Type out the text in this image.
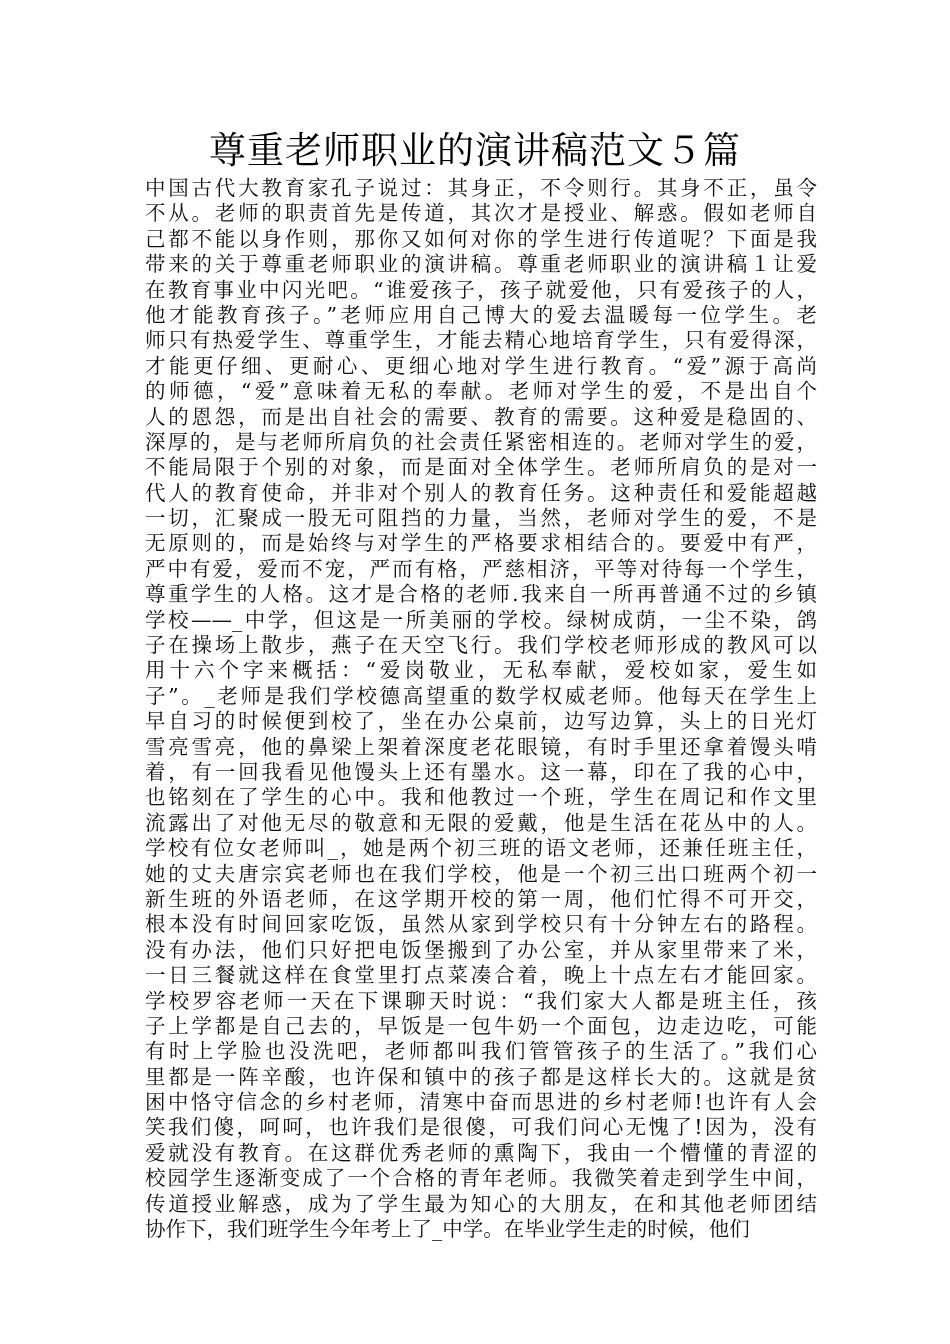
尊重老师职业的演讲稿范文５篇
中国古代大教育家孔子说过：其身正，不令则行。其身不正，虽令
不从。老师的职责首先是传道，其次才是授业、解惑。假如老师自
己都不能以身作则，那你又如何对你的学生进行传道呢？下面是我
带来的关于尊重老师职业的演讲稿。尊重老师职业的演讲稿１让爱
在教育事业中闪光吧。“谁爱孩子，孩子就爱他，只有爱孩子的人，
他才能教育孩子。”老师应用自己博大的爱去温暖每一位学生。老
师只有热爱学生、尊重学生，才能去精心地培育学生，只有爱得深，
才能更仔细、更耐心、更细心地对学生进行教育。“爱”源于高尚
的师德，“爱”意味着无私的奉献。老师对学生的爱，不是出自个
人的恩怨，而是出自社会的需要、教育的需要。这种爱是稳固的、
深厚的，是与老师所肩负的社会责任紧密相连的。老师对学生的爱，
不能局限于个别的对象，而是面对全体学生。老师所肩负的是对一
代人的教育使命，并非对个别人的教育任务。这种责任和爱能超越
一切，汇聚成一股无可阻挡的力量，当然，老师对学生的爱，不是
无原则的，而是始终与对学生的严格要求相结合的。要爱中有严，
严中有爱，爱而不宠，严而有格，严慈相济，平等对待每一个学生，
尊重学生的人格。这才是合格的老师.我来自一所再普通不过的乡镇
学校——_中学，但这是一所美丽的学校。绿树成荫，一尘不染，鸽
子在操场上散步，燕子在天空飞行。我们学校老师形成的教风可以
用十六个字来概括：“爱岗敬业，无私奉献，爱校如家，爱生如
子”。_老师是我们学校德高望重的数学权威老师。他每天在学生上
早自习的时候便到校了，坐在办公桌前，边写边算，头上的日光灯
雪亮雪亮，他的鼻梁上架着深度老花眼镜，有时手里还拿着馒头啃
着，有一回我看见他馒头上还有墨水。这一幕，印在了我的心中，
也铭刻在了学生的心中。我和他教过一个班，学生在周记和作文里
流露出了对他无尽的敬意和无限的爱戴，他是生活在花丛中的人。
学校有位女老师叫_，她是两个初三班的语文老师，还兼任班主任，
她的丈夫唐宗宾老师也在我们学校，他是一个初三出口班两个初一
新生班的外语老师，在这学期开校的第一周，他们忙得不可开交，
根本没有时间回家吃饭，虽然从家到学校只有十分钟左右的路程。
没有办法，他们只好把电饭堡搬到了办公室，并从家里带来了米，
一日三餐就这样在食堂里打点菜凑合着，晚上十点左右才能回家。
学校罗容老师一天在下课聊天时说：“我们家大人都是班主任，孩
子上学都是自己去的，早饭是一包牛奶一个面包，边走边吃，可能
有时上学脸也没洗吧，老师都叫我们管管孩子的生活了。”我们心
里都是一阵辛酸，也许保和镇中的孩子都是这样长大的。这就是贫
困中恪守信念的乡村老师，清寒中奋而思进的乡村老师!也许有人会
笑我们傻，呵呵，也许我们是很傻，可我们问心无愧了!因为，没有
爱就没有教育。在这群优秀老师的熏陶下，我由一个懵懂的青涩的
校园学生逐渐变成了一个合格的青年老师。我微笑着走到学生中间，
传道授业解惑，成为了学生最为知心的大朋友，在和其他老师团结
协作下，我们班学生今年考上了_中学。在毕业学生走的时候，他们
